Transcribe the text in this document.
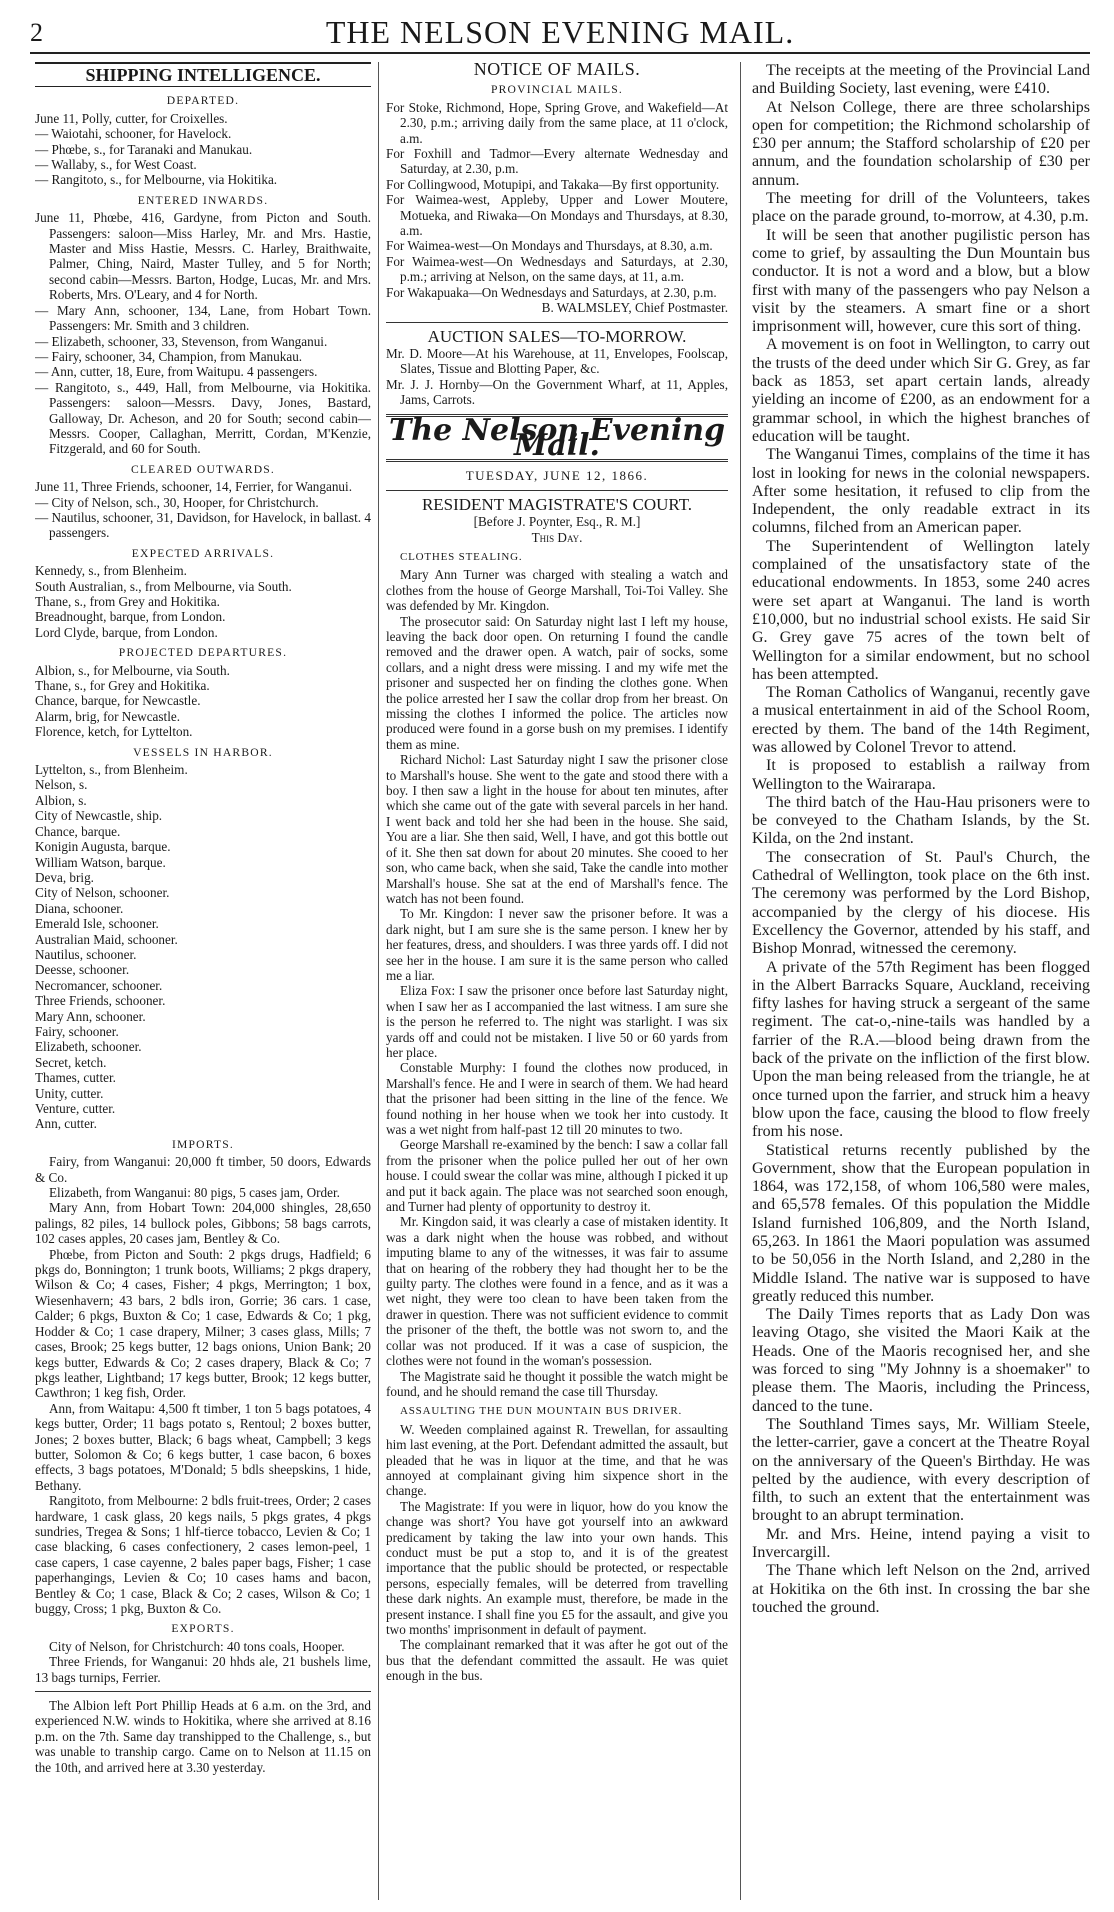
2	THE NELSON EVENING MAIL.
SHIPPING INTELLIGENCE.
DEPARTED.

June 11, Polly, cutter, for Croixelles.

— Waiotahi, schooner, for Havelock.

— Phœbe, s., for Taranaki and Manukau.

— Wallaby, s., for West Coast.

— Rangitoto, s., for Melbourne, via Hokitika.

ENTERED INWARDS.

June 11, Phœbe, 416, Gardyne, from Picton and South. Passengers: saloon—Miss Harley, Mr. and Mrs. Hastie, Master and Miss Hastie, Messrs. C. Harley, Braithwaite, Palmer, Ching, Naird, Master Tulley, and 5 for North; second cabin—Messrs. Barton, Hodge, Lucas, Mr. and Mrs. Roberts, Mrs. O'Leary, and 4 for North.

— Mary Ann, schooner, 134, Lane, from Hobart Town. Passengers: Mr. Smith and 3 children.

— Elizabeth, schooner, 33, Stevenson, from Wanganui.

— Fairy, schooner, 34, Champion, from Manukau.

— Ann, cutter, 18, Eure, from Waitupu. 4 passengers.

— Rangitoto, s., 449, Hall, from Melbourne, via Hokitika. Passengers: saloon—Messrs. Davy, Jones, Bastard, Galloway, Dr. Acheson, and 20 for South; second cabin—Messrs. Cooper, Callaghan, Merritt, Cordan, M'Kenzie, Fitzgerald, and 60 for South.

CLEARED OUTWARDS.

June 11, Three Friends, schooner, 14, Ferrier, for Wanganui.

— City of Nelson, sch., 30, Hooper, for Christchurch.

— Nautilus, schooner, 31, Davidson, for Havelock, in ballast. 4 passengers.

EXPECTED ARRIVALS.

Kennedy, s., from Blenheim.

South Australian, s., from Melbourne, via South.

Thane, s., from Grey and Hokitika.

Breadnought, barque, from London.

Lord Clyde, barque, from London.

PROJECTED DEPARTURES.

Albion, s., for Melbourne, via South.

Thane, s., for Grey and Hokitika.

Chance, barque, for Newcastle.

Alarm, brig, for Newcastle.

Florence, ketch, for Lyttelton.

VESSELS IN HARBOR.

Lyttelton, s., from Blenheim.

Nelson, s.

Albion, s.

City of Newcastle, ship.

Chance, barque.

Konigin Augusta, barque.

William Watson, barque.

Deva, brig.

City of Nelson, schooner.

Diana, schooner.

Emerald Isle, schooner.

Australian Maid, schooner.

Nautilus, schooner.

Deesse, schooner.

Necromancer, schooner.

Three Friends, schooner.

Mary Ann, schooner.

Fairy, schooner.

Elizabeth, schooner.

Secret, ketch.

Thames, cutter.

Unity, cutter.

Venture, cutter.

Ann, cutter.

IMPORTS.

Fairy, from Wanganui: 20,000 ft timber, 50 doors, Edwards & Co.

Elizabeth, from Wanganui: 80 pigs, 5 cases jam, Order.

Mary Ann, from Hobart Town: 204,000 shingles, 28,650 palings, 82 piles, 14 bullock poles, Gibbons; 58 bags carrots, 102 cases apples, 20 cases jam, Bentley & Co.

Phœbe, from Picton and South: 2 pkgs drugs, Hadfield; 6 pkgs do, Bonnington; 1 trunk boots, Williams; 2 pkgs drapery, Wilson & Co; 4 cases, Fisher; 4 pkgs, Merrington; 1 box, Wiesenhavern; 43 bars, 2 bdls iron, Gorrie; 36 cars. 1 case, Calder; 6 pkgs, Buxton & Co; 1 case, Edwards & Co; 1 pkg, Hodder & Co; 1 case drapery, Milner; 3 cases glass, Mills; 7 cases, Brook; 25 kegs butter, 12 bags onions, Union Bank; 20 kegs butter, Edwards & Co; 2 cases drapery, Black & Co; 7 pkgs leather, Lightband; 17 kegs butter, Brook; 12 kegs butter, Cawthron; 1 keg fish, Order.

Ann, from Waitapu: 4,500 ft timber, 1 ton 5 bags potatoes, 4 kegs butter, Order; 11 bags potato s, Rentoul; 2 boxes butter, Jones; 2 boxes butter, Black; 6 bags wheat, Campbell; 3 kegs butter, Solomon & Co; 6 kegs butter, 1 case bacon, 6 boxes effects, 3 bags potatoes, M'Donald; 5 bdls sheepskins, 1 hide, Bethany.

Rangitoto, from Melbourne: 2 bdls fruit-trees, Order; 2 cases hardware, 1 cask glass, 20 kegs nails, 5 pkgs grates, 4 pkgs sundries, Tregea & Sons; 1 hlf-tierce tobacco, Levien & Co; 1 case blacking, 6 cases confectionery, 2 cases lemon-peel, 1 case capers, 1 case cayenne, 2 bales paper bags, Fisher; 1 case paperhangings, Levien & Co; 10 cases hams and bacon, Bentley & Co; 1 case, Black & Co; 2 cases, Wilson & Co; 1 buggy, Cross; 1 pkg, Buxton & Co.

EXPORTS.

City of Nelson, for Christchurch: 40 tons coals, Hooper.

Three Friends, for Wanganui: 20 hhds ale, 21 bushels lime, 13 bags turnips, Ferrier.

The Albion left Port Phillip Heads at 6 a.m. on the 3rd, and experienced N.W. winds to Hokitika, where she arrived at 8.16 p.m. on the 7th. Same day transhipped to the Challenge, s., but was unable to tranship cargo. Came on to Nelson at 11.15 on the 10th, and arrived here at 3.30 yesterday.

NOTICE OF MAILS.
PROVINCIAL MAILS.

For Stoke, Richmond, Hope, Spring Grove, and Wakefield—At 2.30, p.m.; arriving daily from the same place, at 11 o'clock, a.m.

For Foxhill and Tadmor—Every alternate Wednesday and Saturday, at 2.30, p.m.

For Collingwood, Motupipi, and Takaka—By first opportunity.

For Waimea-west, Appleby, Upper and Lower Moutere, Motueka, and Riwaka—On Mondays and Thursdays, at 8.30, a.m.

For Waimea-west—On Mondays and Thursdays, at 8.30, a.m.

For Waimea-west—On Wednesdays and Saturdays, at 2.30, p.m.; arriving at Nelson, on the same days, at 11, a.m.

For Wakapuaka—On Wednesdays and Saturdays, at 2.30, p.m.

B. WALMSLEY, Chief Postmaster.

AUCTION SALES—TO-MORROW.

Mr. D. Moore—At his Warehouse, at 11, Envelopes, Foolscap, Slates, Tissue and Blotting Paper, &c.

Mr. J. J. Hornby—On the Government Wharf, at 11, Apples, Jams, Carrots.

The Nelson Evening Mail.
TUESDAY, JUNE 12, 1866.
RESIDENT MAGISTRATE'S COURT.

[Before J. Poynter, Esq., R. M.]

This Day.

CLOTHES STEALING.

Mary Ann Turner was charged with stealing a watch and clothes from the house of George Marshall, Toi-Toi Valley. She was defended by Mr. Kingdon.

The prosecutor said: On Saturday night last I left my house, leaving the back door open. On returning I found the candle removed and the drawer open. A watch, pair of socks, some collars, and a night dress were missing. I and my wife met the prisoner and suspected her on finding the clothes gone. When the police arrested her I saw the collar drop from her breast. On missing the clothes I informed the police. The articles now produced were found in a gorse bush on my premises. I identify them as mine.

Richard Nichol: Last Saturday night I saw the prisoner close to Marshall's house. She went to the gate and stood there with a boy. I then saw a light in the house for about ten minutes, after which she came out of the gate with several parcels in her hand. I went back and told her she had been in the house. She said, You are a liar. She then said, Well, I have, and got this bottle out of it. She then sat down for about 20 minutes. She cooed to her son, who came back, when she said, Take the candle into mother Marshall's house. She sat at the end of Marshall's fence. The watch has not been found.

To Mr. Kingdon: I never saw the prisoner before. It was a dark night, but I am sure she is the same person. I knew her by her features, dress, and shoulders. I was three yards off. I did not see her in the house. I am sure it is the same person who called me a liar.

Eliza Fox: I saw the prisoner once before last Saturday night, when I saw her as I accompanied the last witness. I am sure she is the person he referred to. The night was starlight. I was six yards off and could not be mistaken. I live 50 or 60 yards from her place.

Constable Murphy: I found the clothes now produced, in Marshall's fence. He and I were in search of them. We had heard that the prisoner had been sitting in the line of the fence. We found nothing in her house when we took her into custody. It was a wet night from half-past 12 till 20 minutes to two.

George Marshall re-examined by the bench: I saw a collar fall from the prisoner when the police pulled her out of her own house. I could swear the collar was mine, although I picked it up and put it back again. The place was not searched soon enough, and Turner had plenty of opportunity to destroy it.

Mr. Kingdon said, it was clearly a case of mistaken identity. It was a dark night when the house was robbed, and without imputing blame to any of the witnesses, it was fair to assume that on hearing of the robbery they had thought her to be the guilty party. The clothes were found in a fence, and as it was a wet night, they were too clean to have been taken from the drawer in question. There was not sufficient evidence to commit the prisoner of the theft, the bottle was not sworn to, and the collar was not produced. If it was a case of suspicion, the clothes were not found in the woman's possession.

The Magistrate said he thought it possible the watch might be found, and he should remand the case till Thursday.

ASSAULTING THE DUN MOUNTAIN BUS DRIVER.

W. Weeden complained against R. Trewellan, for assaulting him last evening, at the Port. Defendant admitted the assault, but pleaded that he was in liquor at the time, and that he was annoyed at complainant giving him sixpence short in the change.

The Magistrate: If you were in liquor, how do you know the change was short? You have got yourself into an awkward predicament by taking the law into your own hands. This conduct must be put a stop to, and it is of the greatest importance that the public should be protected, or respectable persons, especially females, will be deterred from travelling these dark nights. An example must, therefore, be made in the present instance. I shall fine you £5 for the assault, and give you two months' imprisonment in default of payment.

The complainant remarked that it was after he got out of the bus that the defendant committed the assault. He was quiet enough in the bus.

The receipts at the meeting of the Provincial Land and Building Society, last evening, were £410.

At Nelson College, there are three scholarships open for competition; the Richmond scholarship of £30 per annum; the Stafford scholarship of £20 per annum, and the foundation scholarship of £30 per annum.

The meeting for drill of the Volunteers, takes place on the parade ground, to-morrow, at 4.30, p.m.

It will be seen that another pugilistic person has come to grief, by assaulting the Dun Mountain bus conductor. It is not a word and a blow, but a blow first with many of the passengers who pay Nelson a visit by the steamers. A smart fine or a short imprisonment will, however, cure this sort of thing.

A movement is on foot in Wellington, to carry out the trusts of the deed under which Sir G. Grey, as far back as 1853, set apart certain lands, already yielding an income of £200, as an endowment for a grammar school, in which the highest branches of education will be taught.

The Wanganui Times, complains of the time it has lost in looking for news in the colonial newspapers. After some hesitation, it refused to clip from the Independent, the only readable extract in its columns, filched from an American paper.

The Superintendent of Wellington lately complained of the unsatisfactory state of the educational endowments. In 1853, some 240 acres were set apart at Wanganui. The land is worth £10,000, but no industrial school exists. He said Sir G. Grey gave 75 acres of the town belt of Wellington for a similar endowment, but no school has been attempted.

The Roman Catholics of Wanganui, recently gave a musical entertainment in aid of the School Room, erected by them. The band of the 14th Regiment, was allowed by Colonel Trevor to attend.

It is proposed to establish a railway from Wellington to the Wairarapa.

The third batch of the Hau-Hau prisoners were to be conveyed to the Chatham Islands, by the St. Kilda, on the 2nd instant.

The consecration of St. Paul's Church, the Cathedral of Wellington, took place on the 6th inst. The ceremony was performed by the Lord Bishop, accompanied by the clergy of his diocese. His Excellency the Governor, attended by his staff, and Bishop Monrad, witnessed the ceremony.

A private of the 57th Regiment has been flogged in the Albert Barracks Square, Auckland, receiving fifty lashes for having struck a sergeant of the same regiment. The cat-o,-nine-tails was handled by a farrier of the R.A.—blood being drawn from the back of the private on the infliction of the first blow. Upon the man being released from the triangle, he at once turned upon the farrier, and struck him a heavy blow upon the face, causing the blood to flow freely from his nose.

Statistical returns recently published by the Government, show that the European population in 1864, was 172,158, of whom 106,580 were males, and 65,578 females. Of this population the Middle Island furnished 106,809, and the North Island, 65,263. In 1861 the Maori population was assumed to be 50,056 in the North Island, and 2,280 in the Middle Island. The native war is supposed to have greatly reduced this number.

The Daily Times reports that as Lady Don was leaving Otago, she visited the Maori Kaik at the Heads. One of the Maoris recognised her, and she was forced to sing "My Johnny is a shoemaker" to please them. The Maoris, including the Princess, danced to the tune.

The Southland Times says, Mr. William Steele, the letter-carrier, gave a concert at the Theatre Royal on the anniversary of the Queen's Birthday. He was pelted by the audience, with every description of filth, to such an extent that the entertainment was brought to an abrupt termination.

Mr. and Mrs. Heine, intend paying a visit to Invercargill.

The Thane which left Nelson on the 2nd, arrived at Hokitika on the 6th inst. In crossing the bar she touched the ground.
